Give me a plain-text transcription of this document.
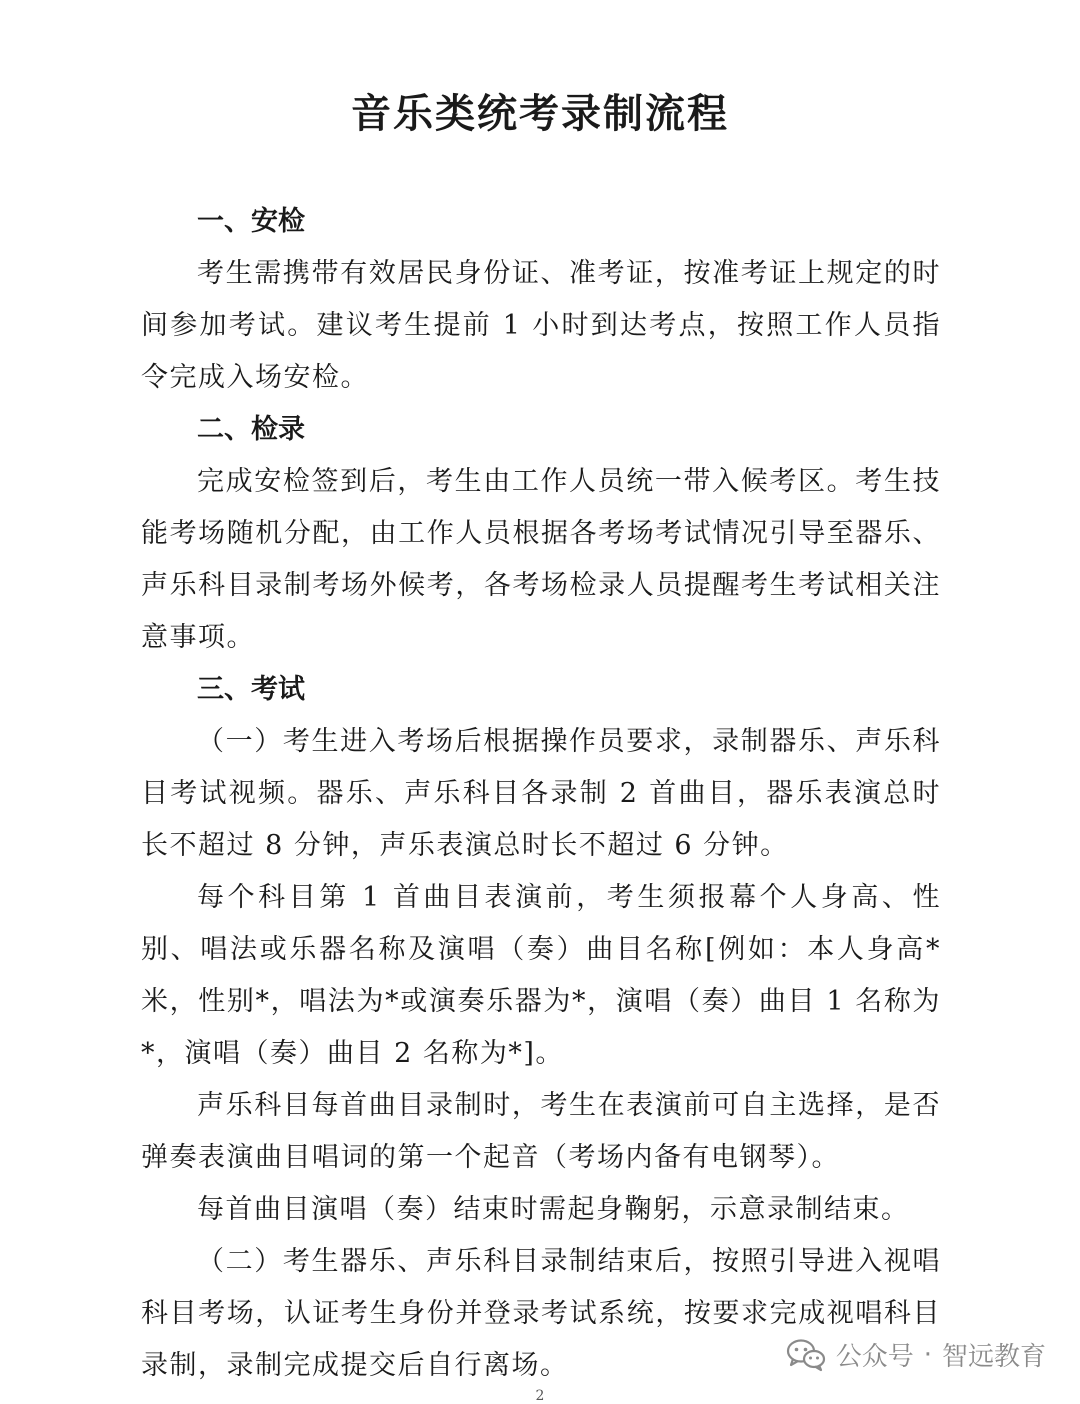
音乐类统考录制流程
一、安检

考生需携带有效居民身份证、准考证，按准考证上规定的时间参加考试。建议考生提前 1 小时到达考点，按照工作人员指令完成入场安检。

二、检录

完成安检签到后，考生由工作人员统一带入候考区。考生技能考场随机分配，由工作人员根据各考场考试情况引导至器乐、声乐科目录制考场外候考，各考场检录人员提醒考生考试相关注意事项。

三、考试

（一）考生进入考场后根据操作员要求，录制器乐、声乐科目考试视频。器乐、声乐科目各录制 2 首曲目，器乐表演总时长不超过 8 分钟，声乐表演总时长不超过 6 分钟。

每个科目第 1 首曲目表演前，考生须报幕个人身高、性别、唱法或乐器名称及演唱（奏）曲目名称[例如：本人身高*米，性别*，唱法为*或演奏乐器为*，演唱（奏）曲目 1 名称为*，演唱（奏）曲目 2 名称为*]。

声乐科目每首曲目录制时，考生在表演前可自主选择，是否弹奏表演曲目唱词的第一个起音（考场内备有电钢琴）。

每首曲目演唱（奏）结束时需起身鞠躬，示意录制结束。

（二）考生器乐、声乐科目录制结束后，按照引导进入视唱科目考场，认证考生身份并登录考试系统，按要求完成视唱科目录制，录制完成提交后自行离场。	公众号 · 智远教育
2
